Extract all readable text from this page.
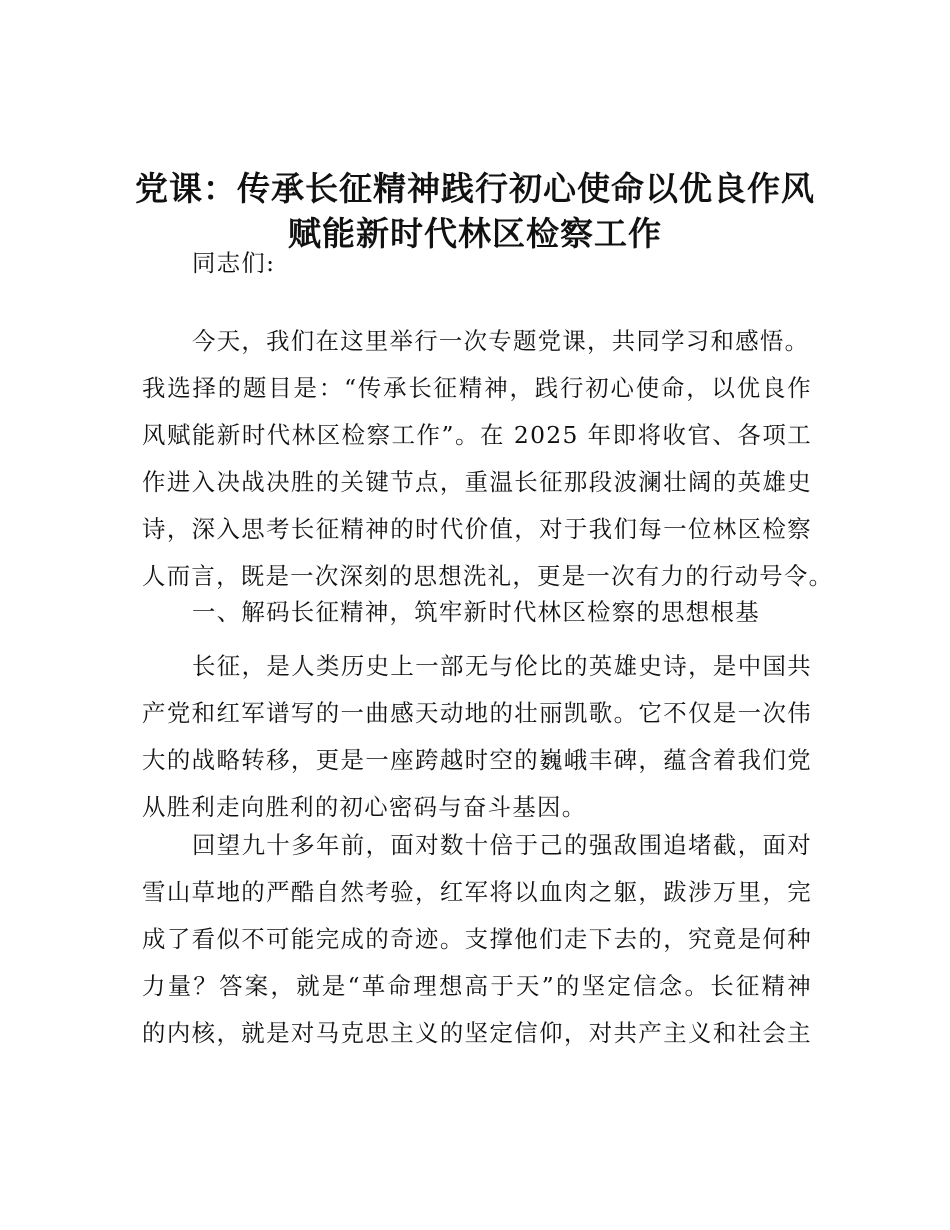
党课：传承长征精神践行初心使命以优良作风
赋能新时代林区检察工作
同志们:
今天，我们在这里举行一次专题党课，共同学习和感悟。
我选择的题目是：“传承长征精神，践行初心使命，以优良作
风赋能新时代林区检察工作”。在 2025 年即将收官、各项工
作进入决战决胜的关键节点，重温长征那段波澜壮阔的英雄史
诗，深入思考长征精神的时代价值，对于我们每一位林区检察
人而言，既是一次深刻的思想洗礼，更是一次有力的行动号令。
一、解码长征精神，筑牢新时代林区检察的思想根基
长征，是人类历史上一部无与伦比的英雄史诗，是中国共
产党和红军谱写的一曲感天动地的壮丽凯歌。它不仅是一次伟
大的战略转移，更是一座跨越时空的巍峨丰碑，蕴含着我们党
从胜利走向胜利的初心密码与奋斗基因。
回望九十多年前，面对数十倍于己的强敌围追堵截，面对
雪山草地的严酷自然考验，红军将以血肉之躯，跋涉万里，完
成了看似不可能完成的奇迹。支撑他们走下去的，究竟是何种
力量？答案，就是“革命理想高于天”的坚定信念。长征精神
的内核，就是对马克思主义的坚定信仰，对共产主义和社会主
